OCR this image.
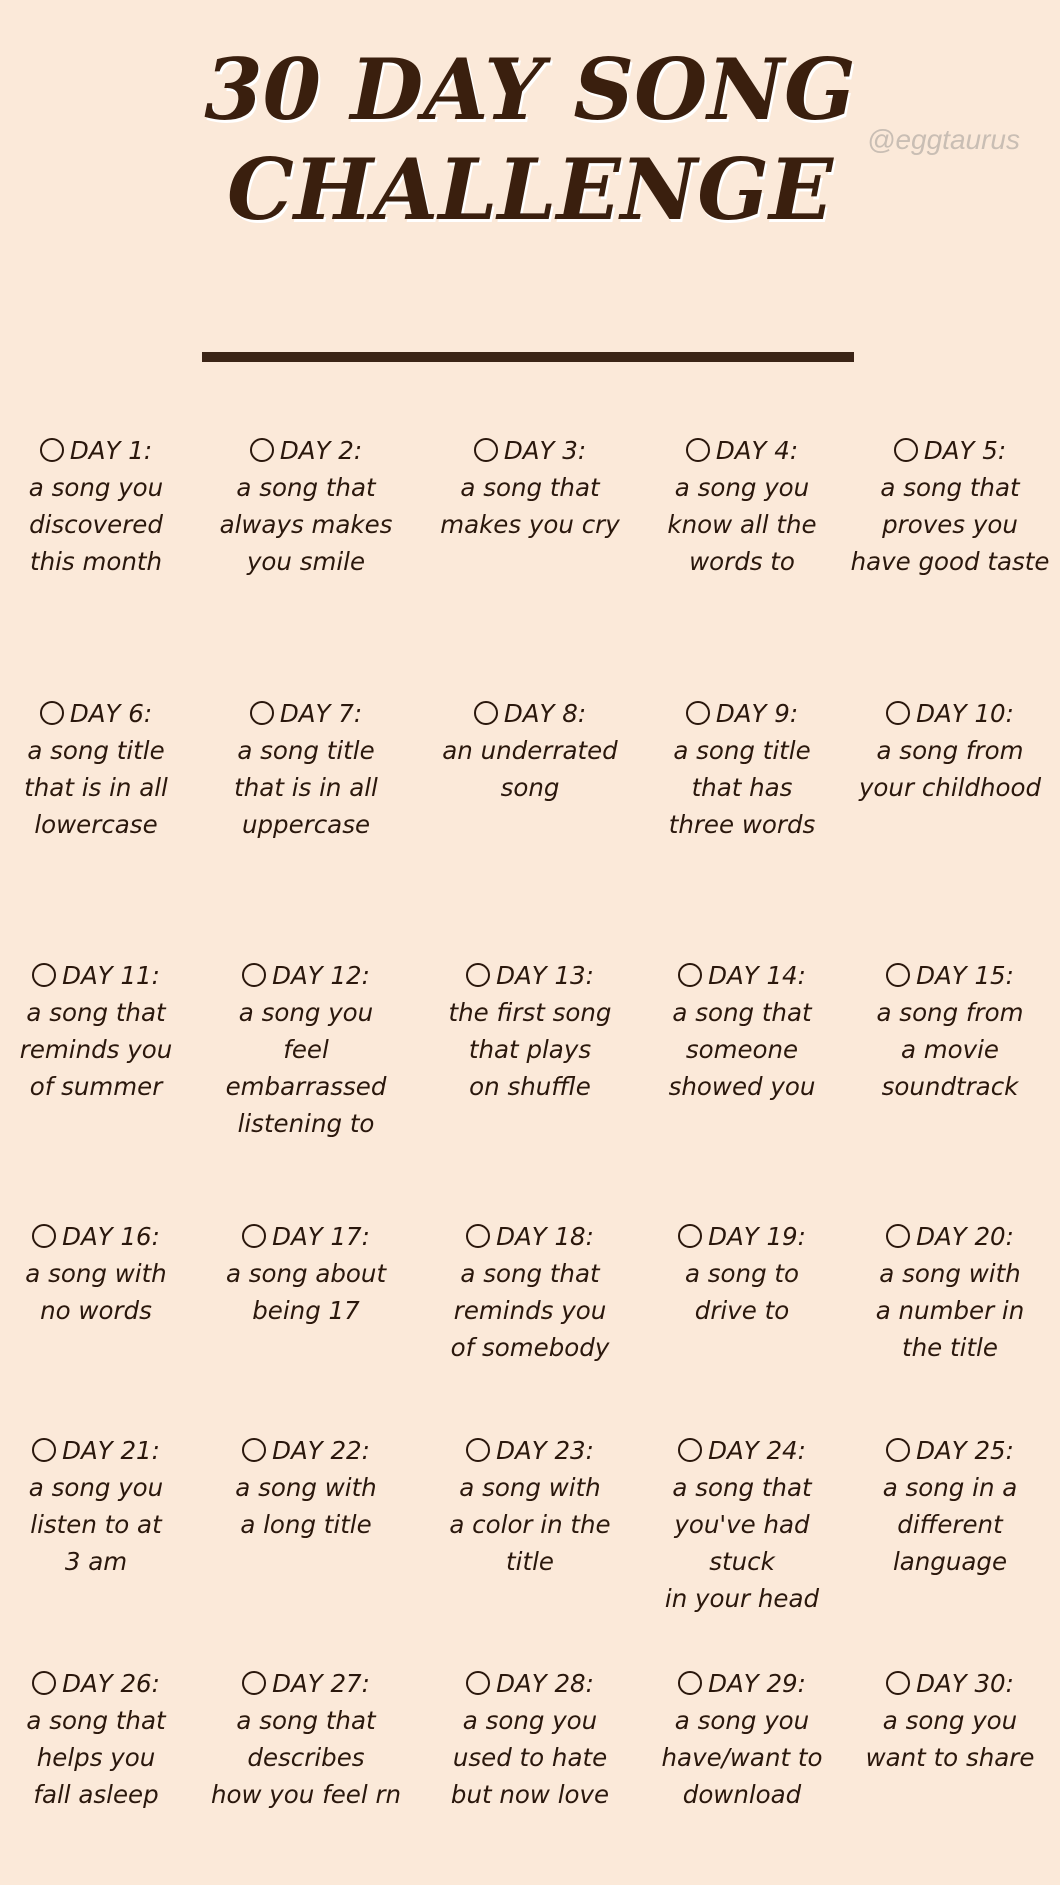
30 DAY SONG
CHALLENGE
@eggtaurus
DAY 1:
a song you
discovered
this month
DAY 2:
a song that
always makes
you smile
DAY 3:
a song that
makes you cry
DAY 4:
a song you
know all the
words to
DAY 5:
a song that
proves you
have good taste
DAY 6:
a song title
that is in all
lowercase
DAY 7:
a song title
that is in all
uppercase
DAY 8:
an underrated
song
DAY 9:
a song title
that has
three words
DAY 10:
a song from
your childhood
DAY 11:
a song that
reminds you
of summer
DAY 12:
a song you
feel embarrassed
listening to
DAY 13:
the first song
that plays
on shuffle
DAY 14:
a song that
someone
showed you
DAY 15:
a song from
a movie
soundtrack
DAY 16:
a song with
no words
DAY 17:
a song about
being 17
DAY 18:
a song that
reminds you
of somebody
DAY 19:
a song to
drive to
DAY 20:
a song with
a number in
the title
DAY 21:
a song you
listen to at
3 am
DAY 22:
a song with
a long title
DAY 23:
a song with
a color in the
title
DAY 24:
a song that
you've had stuck
in your head
DAY 25:
a song in a
different
language
DAY 26:
a song that
helps you
fall asleep
DAY 27:
a song that
describes
how you feel rn
DAY 28:
a song you
used to hate
but now love
DAY 29:
a song you
have/want to
download
DAY 30:
a song you
want to share
